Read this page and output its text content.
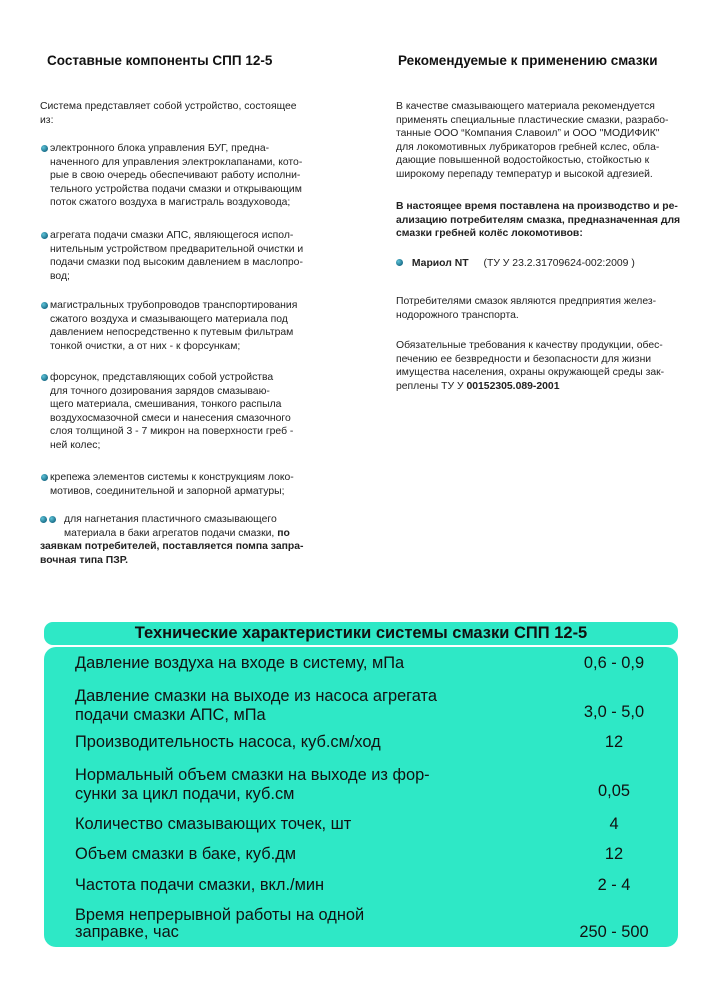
Составные компоненты СПП 12-5

Система представляет собой устройство, состоящее
из:

электронного блока управления БУГ, предна-
наченного для управления электроклапанами, кото-
рые в свою очередь обеспечивают работу исполни-
тельного устройства подачи смазки и открывающим
поток сжатого воздуха в магистраль воздуховода;

агрегата подачи смазки АПС, являющегося испол-
нительным устройством предварительной очистки и
подачи смазки под высоким давлением в маслопро-
вод;

магистральных трубопроводов транспортирования
сжатого воздуха и смазывающего материала под
давлением непосредственно к путевым фильтрам
тонкой очистки, а от них - к форсункам;

форсунок, представляющих собой устройства
для точного дозирования зарядов смазываю-
щего материала, смешивания, тонкого распыла
воздухосмазочной смеси и нанесения смазочного
слоя толщиной 3 - 7 микрон на поверхности греб -
ней колес;

крепежа элементов системы к конструкциям локо-
мотивов, соединительной и запорной арматуры;

для нагнетания пластичного смазывающего
материала в баки агрегатов подачи смазки, по
заявкам потребителей, поставляется помпа запра-
вочная типа ПЗР.

Рекомендуемые к применению смазки

В качестве смазывающего материала рекомендуется
применять специальные пластические смазки, разрабо-
танные ООО “Компания Славоил” и ООО "МОДИФИК"
для локомотивных лубрикаторов гребней кслес, обла-
дающие повышенной водостойкостью, стойкостью к
широкому перепаду температур и высокой адгезией.

В настоящее время поставлена на производство и ре-
ализацию потребителям смазка, предназначенная для
смазки гребней колёс локомотивов:

Мариол NT (ТУ У 23.2.31709624-002:2009 )

Потребителями смазок являются предприятия желез-
нодорожного транспорта.

Обязательные требования к качеству продукции, обес-
печению ее безвредности и безопасности для жизни
имущества населения, охраны окружающей среды зак-
реплены ТУ У 00152305.089-2001

Технические характеристики системы смазки СПП 12-5
Давление воздуха на входе в систему, мПа	0,6 - 0,9
Давление смазки на выходе из насоса агрегата
подачи смазки АПС, мПа	3,0 - 5,0
Производительность насоса, куб.см/ход	12
Нормальный объем смазки на выходе из фор-
сунки за цикл подачи, куб.см	0,05
Количество смазывающих точек, шт	4
Объем смазки в баке, куб.дм	12
Частота подачи смазки, вкл./мин	2 - 4
Время непрерывной работы на одной
заправке, час	250 - 500
